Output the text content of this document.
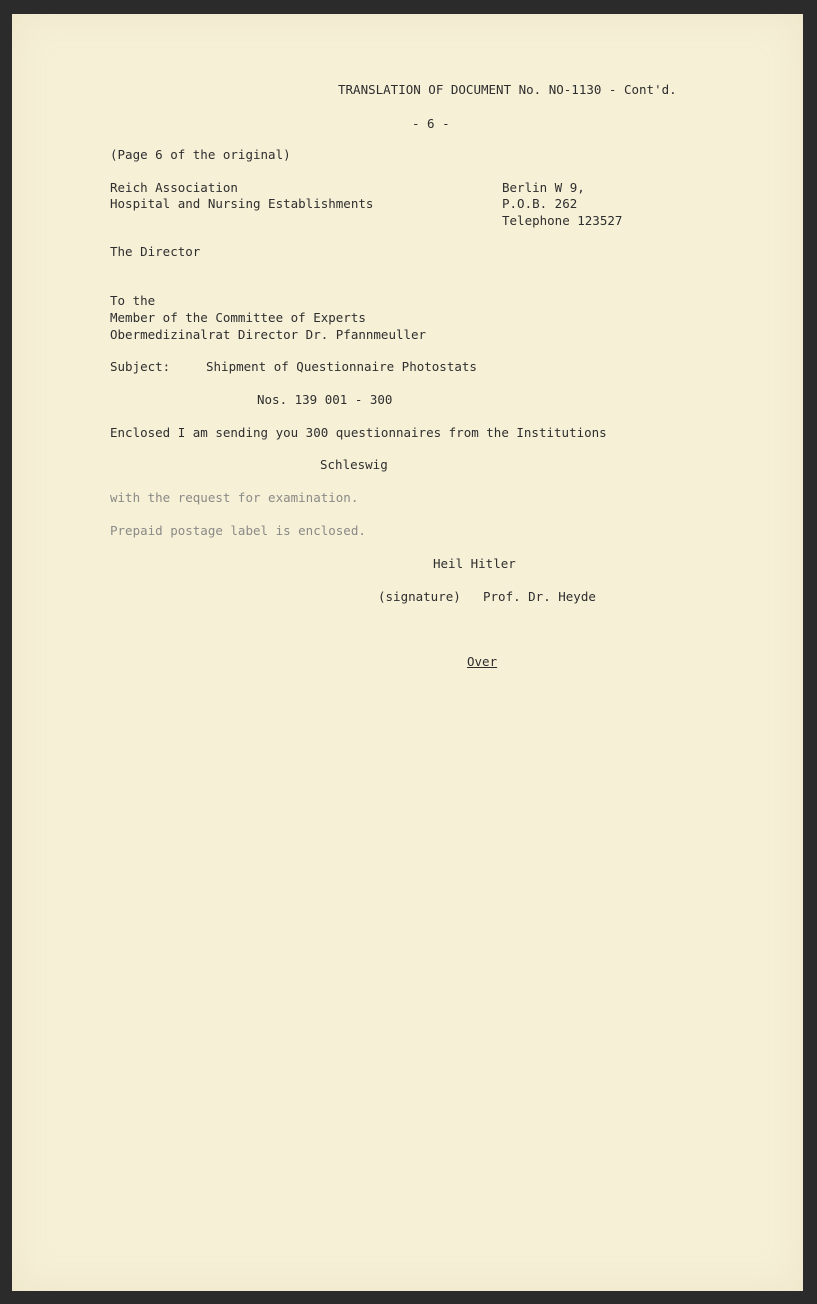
TRANSLATION OF DOCUMENT No. NO-1130 - Cont'd.
- 6 -
(Page 6 of the original)
Reich Association
Hospital and Nursing Establishments
Berlin W 9,
P.O.B. 262
Telephone 123527
The Director
To the
Member of the Committee of Experts
Obermedizinalrat Director Dr. Pfannmeuller
Subject:	Shipment of Questionnaire Photostats
Nos. 139 001 - 300
Enclosed I am sending you 300 questionnaires from the Institutions
Schleswig
with the request for examination.
Prepaid postage label is enclosed.
Heil Hitler
(signature) Prof. Dr. Heyde
Over
